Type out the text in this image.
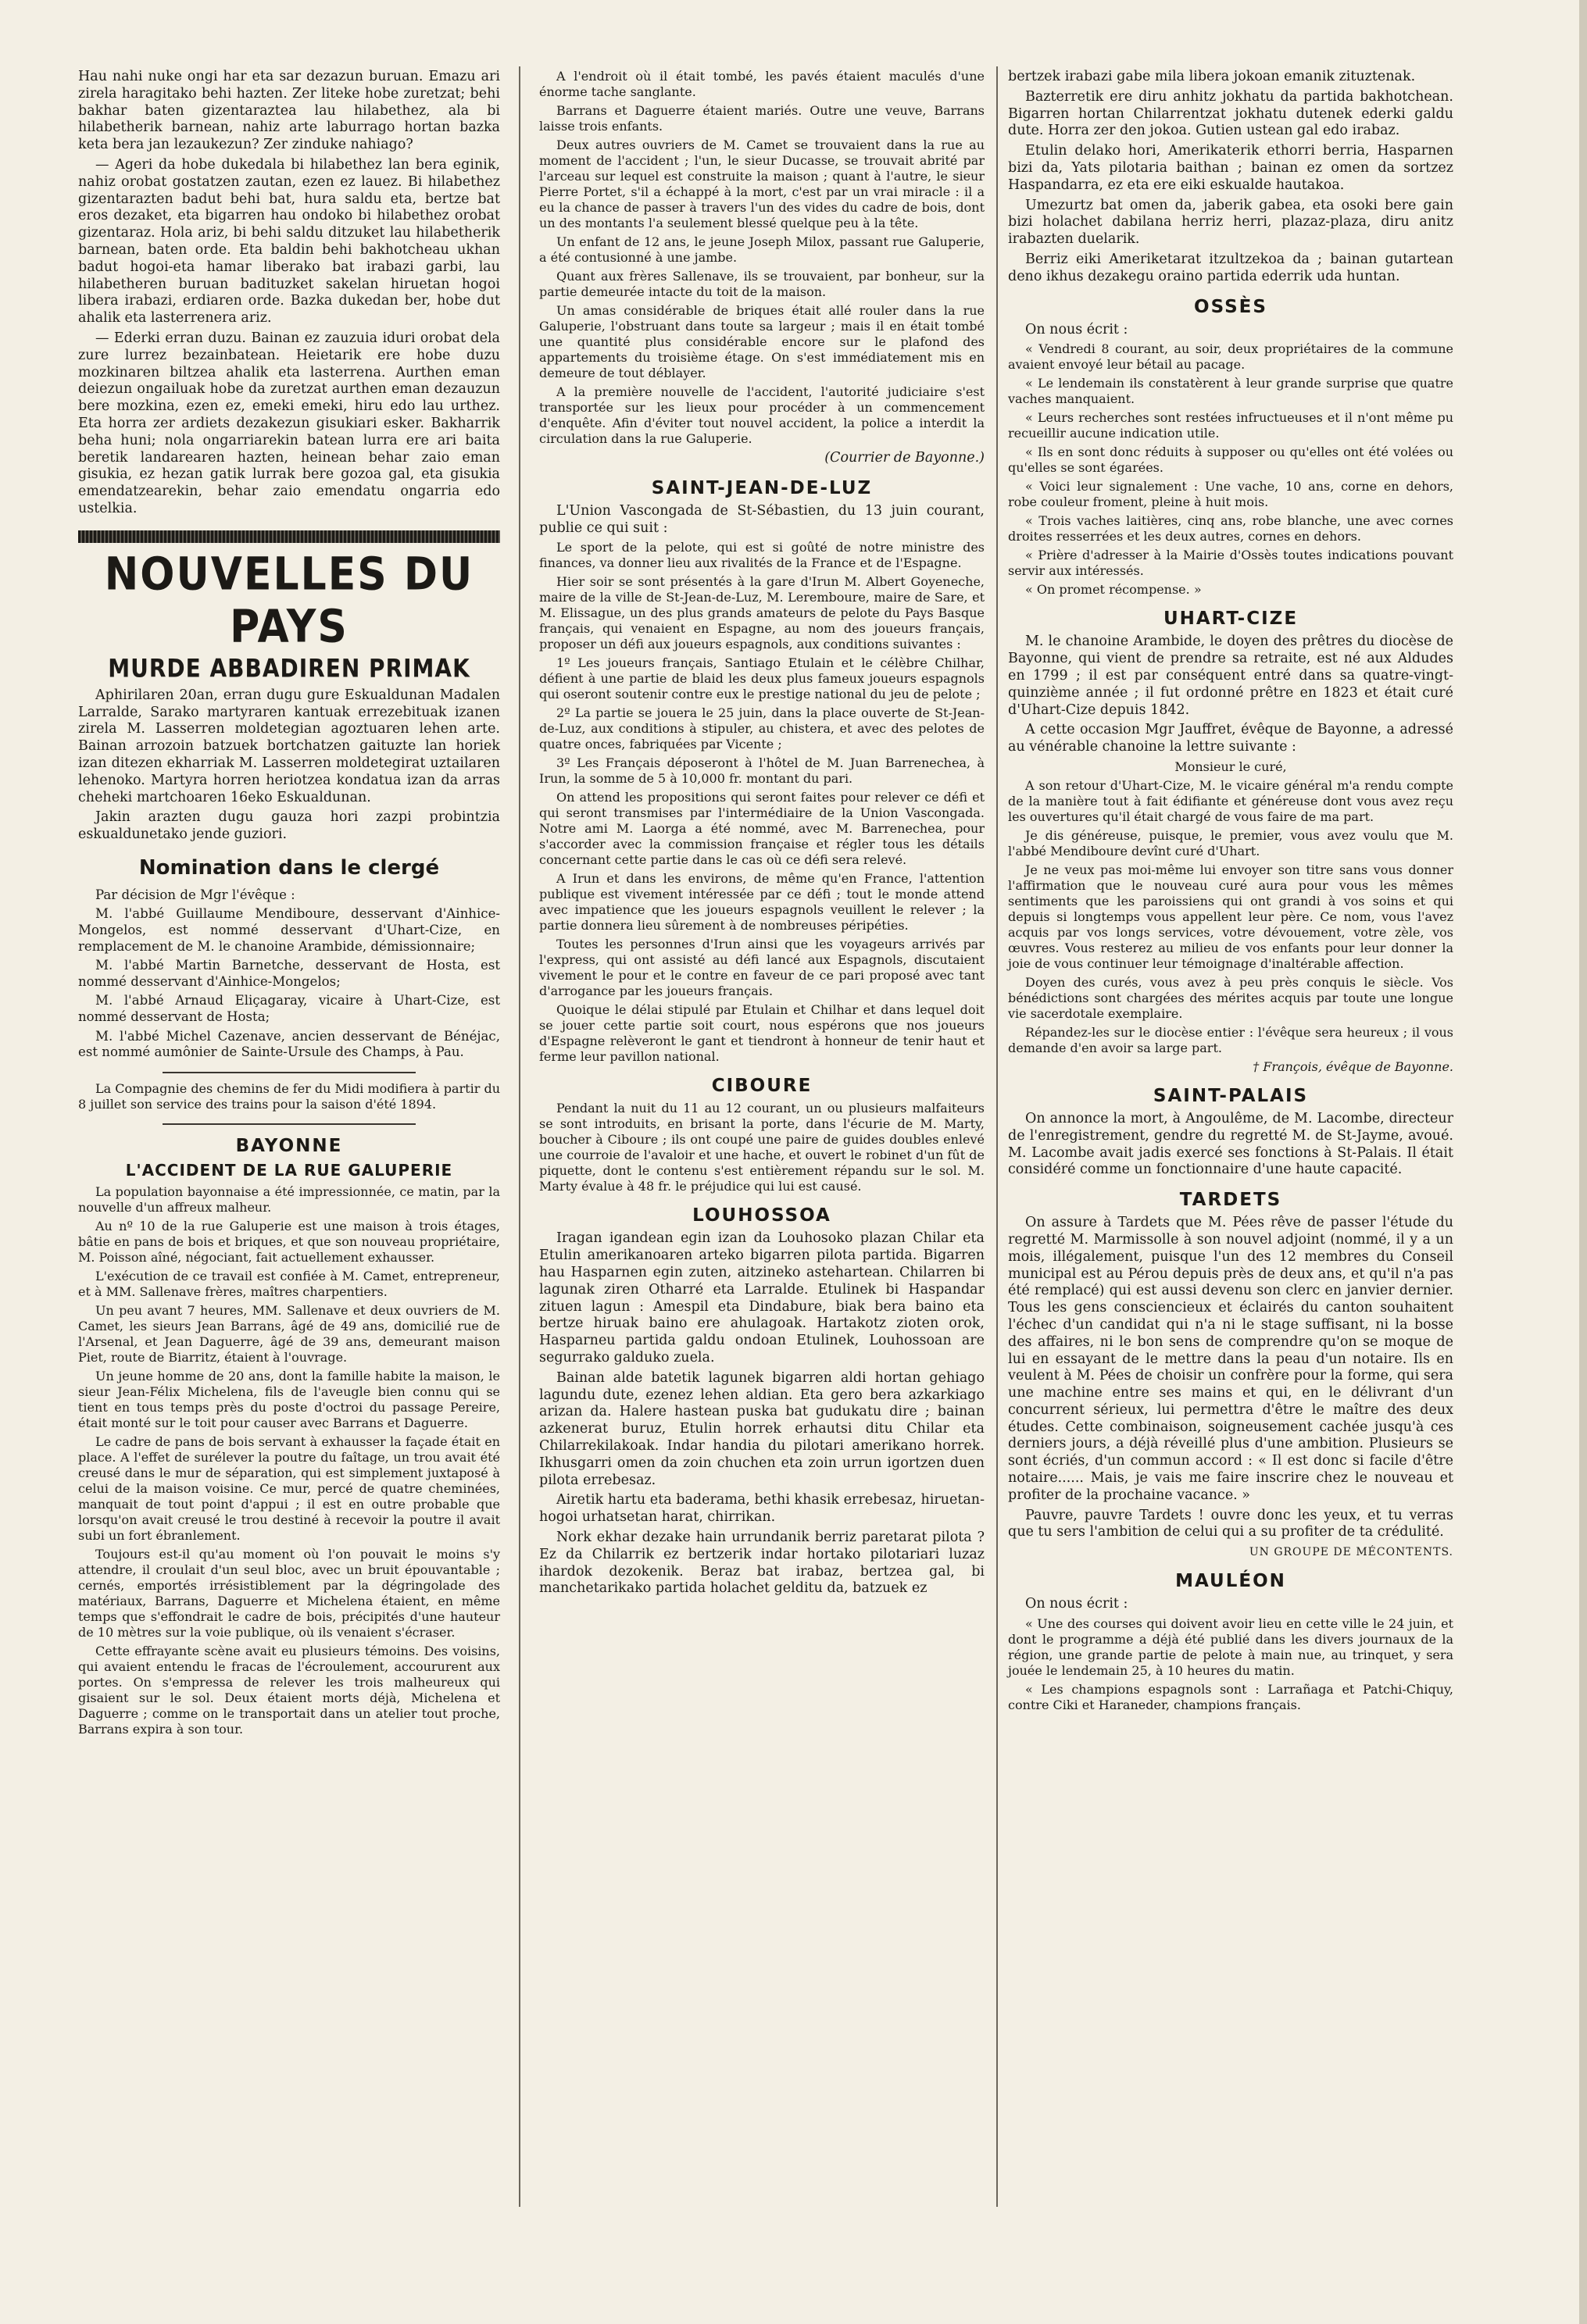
Hau nahi nuke ongi har eta sar dezazun buruan. Emazu ari zirela haragitako behi hazten. Zer liteke hobe zuretzat; behi bakhar baten gizentaraztea lau hilabethez, ala bi hilabetherik barnean, nahiz arte laburrago hortan bazka keta bera jan lezaukezun? Zer zinduke nahiago?

— Ageri da hobe dukedala bi hilabethez lan bera eginik, nahiz orobat gostatzen zautan, ezen ez lauez. Bi hilabethez gizentarazten badut behi bat, hura saldu eta, bertze bat eros dezaket, eta bigarren hau ondoko bi hilabethez orobat gizentaraz. Hola ariz, bi behi saldu ditzuket lau hilabetherik barnean, baten orde. Eta baldin behi bakhotcheau ukhan badut hogoi-eta hamar liberako bat irabazi garbi, lau hilabetheren buruan badituzket sakelan hiruetan hogoi libera irabazi, erdiaren orde. Bazka dukedan ber, hobe dut ahalik eta lasterrenera ariz.

— Ederki erran duzu. Bainan ez zauzuia iduri orobat dela zure lurrez bezainbatean. Heietarik ere hobe duzu mozkinaren biltzea ahalik eta lasterrena. Aurthen eman deiezun ongailuak hobe da zuretzat aurthen eman dezauzun bere mozkina, ezen ez, emeki emeki, hiru edo lau urthez. Eta horra zer ardiets dezakezun gisukiari esker. Bakharrik beha huni; nola ongarriarekin batean lurra ere ari baita beretik landarearen hazten, heinean behar zaio eman gisukia, ez hezan gatik lurrak bere gozoa gal, eta gisukia emendatzearekin, behar zaio emendatu ongarria edo ustelkia.

NOUVELLES DU PAYS
MURDE ABBADIREN PRIMAK

Aphirilaren 20an, erran dugu gure Eskualdunan Madalen Larralde, Sarako martyraren kantuak errezebituak izanen zirela M. Lasserren moldetegian agoztuaren lehen arte. Bainan arrozoin batzuek bortchatzen gaituzte lan horiek izan ditezen ekharriak M. Lasserren moldetegirat uztailaren lehenoko. Martyra horren heriotzea kondatua izan da arras cheheki martchoaren 16eko Eskualdunan.

Jakin arazten dugu gauza hori zazpi probintzia eskualdunetako jende guziori.

Nomination dans le clergé

Par décision de Mgr l'évêque :

M. l'abbé Guillaume Mendiboure, desservant d'Ainhice-Mongelos, est nommé desservant d'Uhart-Cize, en remplacement de M. le chanoine Arambide, démissionnaire;

M. l'abbé Martin Barnetche, desservant de Hosta, est nommé desservant d'Ainhice-Mongelos;

M. l'abbé Arnaud Eliçagaray, vicaire à Uhart-Cize, est nommé desservant de Hosta;

M. l'abbé Michel Cazenave, ancien desservant de Bénéjac, est nommé aumônier de Sainte-Ursule des Champs, à Pau.

La Compagnie des chemins de fer du Midi modifiera à partir du 8 juillet son service des trains pour la saison d'été 1894.

BAYONNE
L'ACCIDENT DE LA RUE GALUPERIE

La population bayonnaise a été impressionnée, ce matin, par la nouvelle d'un affreux malheur.

Au nº 10 de la rue Galuperie est une maison à trois étages, bâtie en pans de bois et briques, et que son nouveau propriétaire, M. Poisson aîné, négociant, fait actuellement exhausser.

L'exécution de ce travail est confiée à M. Camet, entrepreneur, et à MM. Sallenave frères, maîtres charpentiers.

Un peu avant 7 heures, MM. Sallenave et deux ouvriers de M. Camet, les sieurs Jean Barrans, âgé de 49 ans, domicilié rue de l'Arsenal, et Jean Daguerre, âgé de 39 ans, demeurant maison Piet, route de Biarritz, étaient à l'ouvrage.

Un jeune homme de 20 ans, dont la famille habite la maison, le sieur Jean-Félix Michelena, fils de l'aveugle bien connu qui se tient en tous temps près du poste d'octroi du passage Pereire, était monté sur le toit pour causer avec Barrans et Daguerre.

Le cadre de pans de bois servant à exhausser la façade était en place. A l'effet de surélever la poutre du faîtage, un trou avait été creusé dans le mur de séparation, qui est simplement juxtaposé à celui de la maison voisine. Ce mur, percé de quatre cheminées, manquait de tout point d'appui ; il est en outre probable que lorsqu'on avait creusé le trou destiné à recevoir la poutre il avait subi un fort ébranlement.

Toujours est-il qu'au moment où l'on pouvait le moins s'y attendre, il croulait d'un seul bloc, avec un bruit épouvantable ; cernés, emportés irrésistiblement par la dégringolade des matériaux, Barrans, Daguerre et Michelena étaient, en même temps que s'effondrait le cadre de bois, précipités d'une hauteur de 10 mètres sur la voie publique, où ils venaient s'écraser.

Cette effrayante scène avait eu plusieurs témoins. Des voisins, qui avaient entendu le fracas de l'écroulement, accoururent aux portes. On s'empressa de relever les trois malheureux qui gisaient sur le sol. Deux étaient morts déjà, Michelena et Daguerre ; comme on le transportait dans un atelier tout proche, Barrans expira à son tour.

A l'endroit où il était tombé, les pavés étaient maculés d'une énorme tache sanglante.

Barrans et Daguerre étaient mariés. Outre une veuve, Barrans laisse trois enfants.

Deux autres ouvriers de M. Camet se trouvaient dans la rue au moment de l'accident ; l'un, le sieur Ducasse, se trouvait abrité par l'arceau sur lequel est construite la maison ; quant à l'autre, le sieur Pierre Portet, s'il a échappé à la mort, c'est par un vrai miracle : il a eu la chance de passer à travers l'un des vides du cadre de bois, dont un des montants l'a seulement blessé quelque peu à la tête.

Un enfant de 12 ans, le jeune Joseph Milox, passant rue Galuperie, a été contusionné à une jambe.

Quant aux frères Sallenave, ils se trouvaient, par bonheur, sur la partie demeurée intacte du toit de la maison.

Un amas considérable de briques était allé rouler dans la rue Galuperie, l'obstruant dans toute sa largeur ; mais il en était tombé une quantité plus considérable encore sur le plafond des appartements du troisième étage. On s'est immédiatement mis en demeure de tout déblayer.

A la première nouvelle de l'accident, l'autorité judiciaire s'est transportée sur les lieux pour procéder à un commencement d'enquête. Afin d'éviter tout nouvel accident, la police a interdit la circulation dans la rue Galuperie.

(Courrier de Bayonne.)

SAINT-JEAN-DE-LUZ

L'Union Vascongada de St-Sébastien, du 13 juin courant, publie ce qui suit :

Le sport de la pelote, qui est si goûté de notre ministre des finances, va donner lieu aux rivalités de la France et de l'Espagne.

Hier soir se sont présentés à la gare d'Irun M. Albert Goyeneche, maire de la ville de St-Jean-de-Luz, M. Leremboure, maire de Sare, et M. Elissague, un des plus grands amateurs de pelote du Pays Basque français, qui venaient en Espagne, au nom des joueurs français, proposer un défi aux joueurs espagnols, aux conditions suivantes :

1º Les joueurs français, Santiago Etulain et le célèbre Chilhar, défient à une partie de blaid les deux plus fameux joueurs espagnols qui oseront soutenir contre eux le prestige national du jeu de pelote ;

2º La partie se jouera le 25 juin, dans la place ouverte de St-Jean-de-Luz, aux conditions à stipuler, au chistera, et avec des pelotes de quatre onces, fabriquées par Vicente ;

3º Les Français déposeront à l'hôtel de M. Juan Barrenechea, à Irun, la somme de 5 à 10,000 fr. montant du pari.

On attend les propositions qui seront faites pour relever ce défi et qui seront transmises par l'intermédiaire de la Union Vascongada. Notre ami M. Laorga a été nommé, avec M. Barrenechea, pour s'accorder avec la commission française et régler tous les détails concernant cette partie dans le cas où ce défi sera relevé.

A Irun et dans les environs, de même qu'en France, l'attention publique est vivement intéressée par ce défi ; tout le monde attend avec impatience que les joueurs espagnols veuillent le relever ; la partie donnera lieu sûrement à de nombreuses péripéties.

Toutes les personnes d'Irun ainsi que les voyageurs arrivés par l'express, qui ont assisté au défi lancé aux Espagnols, discutaient vivement le pour et le contre en faveur de ce pari proposé avec tant d'arrogance par les joueurs français.

Quoique le délai stipulé par Etulain et Chilhar et dans lequel doit se jouer cette partie soit court, nous espérons que nos joueurs d'Espagne relèveront le gant et tiendront à honneur de tenir haut et ferme leur pavillon national.

CIBOURE

Pendant la nuit du 11 au 12 courant, un ou plusieurs malfaiteurs se sont introduits, en brisant la porte, dans l'écurie de M. Marty, boucher à Ciboure ; ils ont coupé une paire de guides doubles enlevé une courroie de l'avaloir et une hache, et ouvert le robinet d'un fût de piquette, dont le contenu s'est entièrement répandu sur le sol. M. Marty évalue à 48 fr. le préjudice qui lui est causé.

LOUHOSSOA

Iragan igandean egin izan da Louhosoko plazan Chilar eta Etulin amerikanoaren arteko bigarren pilota partida. Bigarren hau Hasparnen egin zuten, aitzineko astehartean. Chilarren bi lagunak ziren Otharré eta Larralde. Etulinek bi Haspandar zituen lagun : Amespil eta Dindabure, biak bera baino eta bertze hiruak baino ere ahulagoak. Hartakotz zioten orok, Hasparneu partida galdu ondoan Etulinek, Louhossoan are segurrako galduko zuela.

Bainan alde batetik lagunek bigarren aldi hortan gehiago lagundu dute, ezenez lehen aldian. Eta gero bera azkarkiago arizan da. Halere hastean puska bat gudukatu dire ; bainan azkenerat buruz, Etulin horrek erhautsi ditu Chilar eta Chilarrekilakoak. Indar handia du pilotari amerikano horrek. Ikhusgarri omen da zoin chuchen eta zoin urrun igortzen duen pilota errebesaz.

Airetik hartu eta baderama, bethi khasik errebesaz, hiruetan-hogoi urhatsetan harat, chirrikan.

Nork ekhar dezake hain urrundanik berriz paretarat pilota ? Ez da Chilarrik ez bertzerik indar hortako pilotariari luzaz ihardok dezokenik. Beraz bat irabaz, bertzea gal, bi manchetarikako partida holachet gelditu da, batzuek ez

bertzek irabazi gabe mila libera jokoan emanik zituztenak.

Bazterretik ere diru anhitz jokhatu da partida bakhotchean. Bigarren hortan Chilarrentzat jokhatu dutenek ederki galdu dute. Horra zer den jokoa. Gutien ustean gal edo irabaz.

Etulin delako hori, Amerikaterik ethorri berria, Hasparnen bizi da, Yats pilotaria baithan ; bainan ez omen da sortzez Haspandarra, ez eta ere eiki eskualde hautakoa.

Umezurtz bat omen da, jaberik gabea, eta osoki bere gain bizi holachet dabilana herriz herri, plazaz-plaza, diru anitz irabazten duelarik.

Berriz eiki Ameriketarat itzultzekoa da ; bainan gutartean deno ikhus dezakegu oraino partida ederrik uda huntan.

OSSÈS

On nous écrit :

« Vendredi 8 courant, au soir, deux propriétaires de la commune avaient envoyé leur bétail au pacage.

« Le lendemain ils constatèrent à leur grande surprise que quatre vaches manquaient.

« Leurs recherches sont restées infructueuses et il n'ont même pu recueillir aucune indication utile.

« Ils en sont donc réduits à supposer ou qu'elles ont été volées ou qu'elles se sont égarées.

« Voici leur signalement : Une vache, 10 ans, corne en dehors, robe couleur froment, pleine à huit mois.

« Trois vaches laitières, cinq ans, robe blanche, une avec cornes droites resserrées et les deux autres, cornes en dehors.

« Prière d'adresser à la Mairie d'Ossès toutes indications pouvant servir aux intéressés.

« On promet récompense. »

UHART-CIZE

M. le chanoine Arambide, le doyen des prêtres du diocèse de Bayonne, qui vient de prendre sa retraite, est né aux Aldudes en 1799 ; il est par conséquent entré dans sa quatre-vingt-quinzième année ; il fut ordonné prêtre en 1823 et était curé d'Uhart-Cize depuis 1842.

A cette occasion Mgr Jauffret, évêque de Bayonne, a adressé au vénérable chanoine la lettre suivante :

Monsieur le curé,

A son retour d'Uhart-Cize, M. le vicaire général m'a rendu compte de la manière tout à fait édifiante et généreuse dont vous avez reçu les ouvertures qu'il était chargé de vous faire de ma part.

Je dis généreuse, puisque, le premier, vous avez voulu que M. l'abbé Mendiboure devînt curé d'Uhart.

Je ne veux pas moi-même lui envoyer son titre sans vous donner l'affirmation que le nouveau curé aura pour vous les mêmes sentiments que les paroissiens qui ont grandi à vos soins et qui depuis si longtemps vous appellent leur père. Ce nom, vous l'avez acquis par vos longs services, votre dévouement, votre zèle, vos œuvres. Vous resterez au milieu de vos enfants pour leur donner la joie de vous continuer leur témoignage d'inaltérable affection.

Doyen des curés, vous avez à peu près conquis le siècle. Vos bénédictions sont chargées des mérites acquis par toute une longue vie sacerdotale exemplaire.

Répandez-les sur le diocèse entier : l'évêque sera heureux ; il vous demande d'en avoir sa large part.

† François, évêque de Bayonne.

SAINT-PALAIS

On annonce la mort, à Angoulême, de M. Lacombe, directeur de l'enregistrement, gendre du regretté M. de St-Jayme, avoué. M. Lacombe avait jadis exercé ses fonctions à St-Palais. Il était considéré comme un fonctionnaire d'une haute capacité.

TARDETS

On assure à Tardets que M. Pées rêve de passer l'étude du regretté M. Marmissolle à son nouvel adjoint (nommé, il y a un mois, illégalement, puisque l'un des 12 membres du Conseil municipal est au Pérou depuis près de deux ans, et qu'il n'a pas été remplacé) qui est aussi devenu son clerc en janvier dernier. Tous les gens consciencieux et éclairés du canton souhaitent l'échec d'un candidat qui n'a ni le stage suffisant, ni la bosse des affaires, ni le bon sens de comprendre qu'on se moque de lui en essayant de le mettre dans la peau d'un notaire. Ils en veulent à M. Pées de choisir un confrère pour la forme, qui sera une machine entre ses mains et qui, en le délivrant d'un concurrent sérieux, lui permettra d'être le maître des deux études. Cette combinaison, soigneusement cachée jusqu'à ces derniers jours, a déjà réveillé plus d'une ambition. Plusieurs se sont écriés, d'un commun accord : « Il est donc si facile d'être notaire...... Mais, je vais me faire inscrire chez le nouveau et profiter de la prochaine vacance. »

Pauvre, pauvre Tardets ! ouvre donc les yeux, et tu verras que tu sers l'ambition de celui qui a su profiter de ta crédulité.

UN GROUPE DE MÉCONTENTS.

MAULÉON

On nous écrit :

« Une des courses qui doivent avoir lieu en cette ville le 24 juin, et dont le programme a déjà été publié dans les divers journaux de la région, une grande partie de pelote à main nue, au trinquet, y sera jouée le lendemain 25, à 10 heures du matin.

« Les champions espagnols sont : Larrañaga et Patchi-Chiquy, contre Ciki et Haraneder, champions français.
